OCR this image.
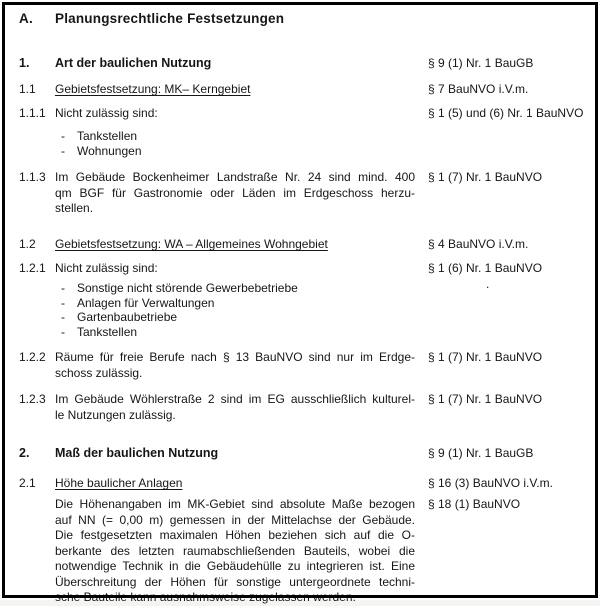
A.	Planungsrechtliche Festsetzungen
1.	Art der baulichen Nutzung	§ 9 (1) Nr. 1 BauGB
1.1	Gebietsfestsetzung: MK– Kerngebiet	§ 7 BauNVO i.V.m.
1.1.1 Nicht zulässig sind:	§ 1 (5) und (6) Nr. 1 BauNVO
-	Tankstellen
-	Wohnungen
1.1.3 Im Gebäude Bockenheimer Landstraße Nr. 24 sind mind. 400
qm BGF für Gastronomie oder Läden im Erdgeschoss herzu-
stellen.
§ 1 (7) Nr. 1 BauNVO
1.2	Gebietsfestsetzung: WA – Allgemeines Wohngebiet	§ 4 BauNVO i.V.m.
1.2.1 Nicht zulässig sind:	§ 1 (6) Nr. 1 BauNVO
-	Sonstige nicht störende Gewerbebetriebe
-	Anlagen für Verwaltungen
-	Gartenbaubetriebe
-	Tankstellen
1.2.2 Räume für freie Berufe nach § 13 BauNVO sind nur im Erdge-
schoss zulässig.
§ 1 (7) Nr. 1 BauNVO
1.2.3 Im Gebäude Wöhlerstraße 2 sind im EG ausschließlich kulturel-
le Nutzungen zulässig.
§ 1 (7) Nr. 1 BauNVO
2.	Maß der baulichen Nutzung	§ 9 (1) Nr. 1 BauGB
2.1	Höhe baulicher Anlagen	§ 16 (3) BauNVO i.V.m.
Die Höhenangaben im MK-Gebiet sind absolute Maße bezogen
auf NN (= 0,00 m) gemessen in der Mittelachse der Gebäude.
Die festgesetzten maximalen Höhen beziehen sich auf die O-
berkante des letzten raumabschließenden Bauteils, wobei die
notwendige Technik in die Gebäudehülle zu integrieren ist. Eine
Überschreitung der Höhen für sonstige untergeordnete techni-
sche Bauteile kann ausnahmsweise zugelassen werden.
§ 18 (1) BauNVO
.
